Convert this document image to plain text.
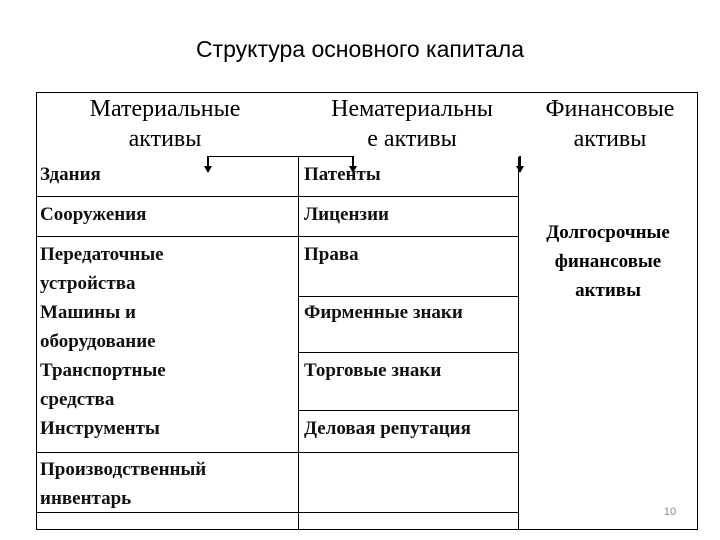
Структура основного капитала
Материальные
активы
Нематериальны
е активы
Финансовые
активы
Здания
Сооружения
Передаточные
устройства
Машины и
оборудование
Транспортные
средства
Инструменты
Производственный
инвентарь
Патенты
Лицензии
Права
Фирменные знаки
Торговые знаки
Деловая репутация
Долгосрочные
финансовые
активы
10
